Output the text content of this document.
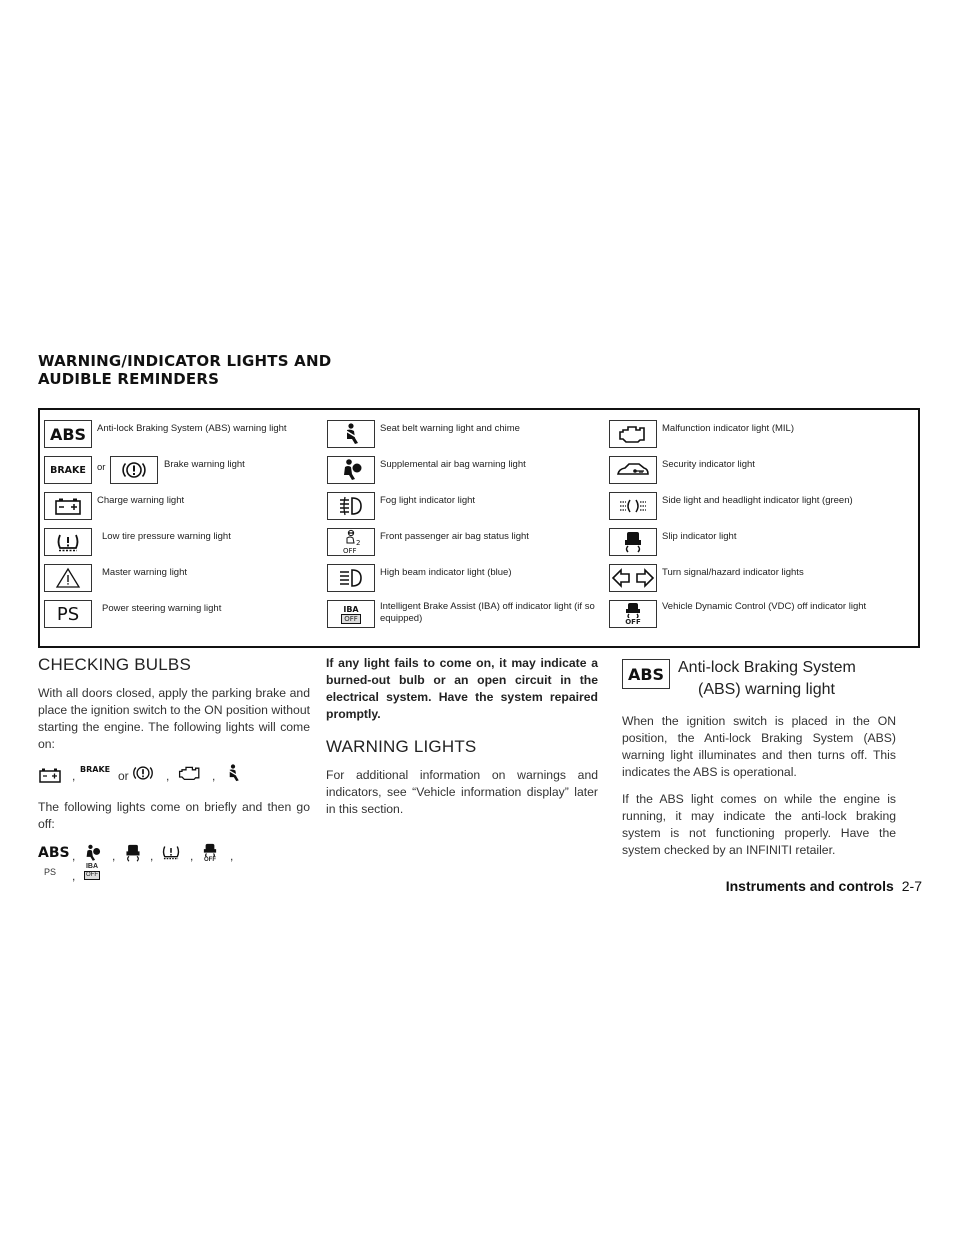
WARNING/INDICATOR LIGHTS AND
AUDIBLE REMINDERS
ABS Anti-lock Braking System (ABS) warning light
BRAKE or	Brake warning light
Charge warning light
Low tire pressure warning light
Master warning light
PS Power steering warning light
Seat belt warning light and chime
Supplemental air bag warning light
Fog light indicator light
2
OFF
Front passenger air bag status light
High beam indicator light (blue)
IBA
OFF
Intelligent Brake Assist (IBA) off indicator light (if so equipped)
Malfunction indicator light (MIL)
Security indicator light
Side light and headlight indicator light (green)
Slip indicator light
Turn signal/hazard indicator lights
OFF
Vehicle Dynamic Control (VDC) off indicator light
CHECKING BULBS

With all doors closed, apply the parking brake and place the ignition switch to the ON position without starting the engine. The following lights will come on:

, BRAKE or	,	,

The following lights come on briefly and then go off:

ABS ,	,	,	, OFF ,
PS ,
IBA
OFF

If any light fails to come on, it may indicate a burned-out bulb or an open circuit in the electrical system. Have the system repaired promptly.

WARNING LIGHTS

For additional information on warnings and indicators, see “Vehicle information display” later in this section.

ABS Anti-lock Braking System
(ABS) warning light

When the ignition switch is placed in the ON position, the Anti-lock Braking System (ABS) warning light illuminates and then turns off. This indicates the ABS is operational.

If the ABS light comes on while the engine is running, it may indicate the anti-lock braking system is not functioning properly. Have the system checked by an INFINITI retailer.

Instruments and controls 2-7
